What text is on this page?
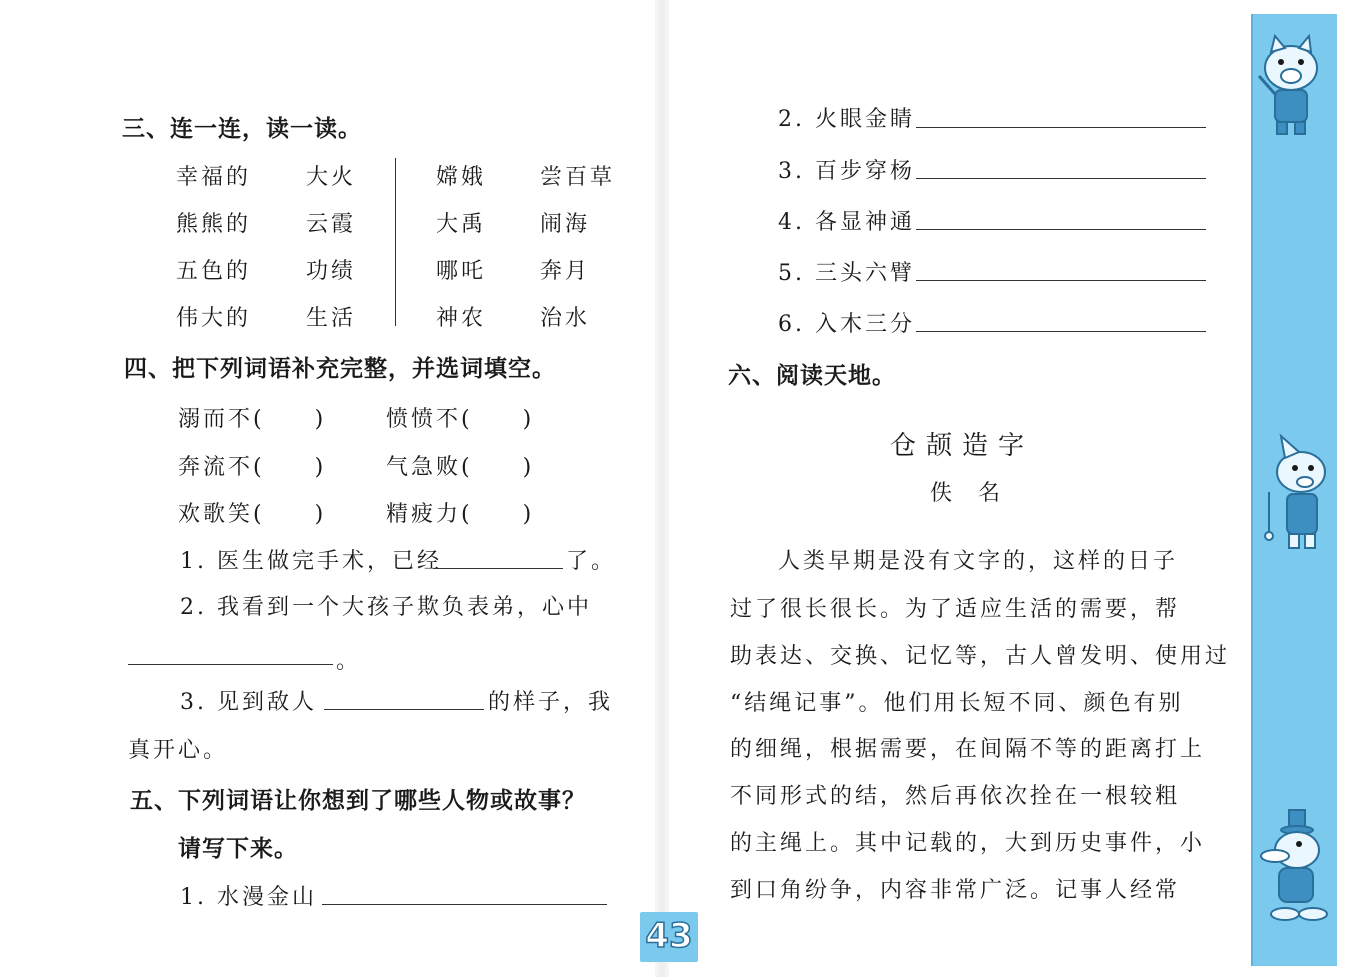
三、连一连，读一读。
幸福的 大火	嫦娥 尝百草
熊熊的 云霞	大禹 闹海
五色的 功绩	哪吒 奔月
伟大的 生活	神农 治水
四、把下列词语补充完整，并选词填空。
溺而不(　　)	愤愤不(　　)
奔流不(　　)	气急败(　　)
欢歌笑(　　)	精疲力(　　)
1. 医生做完手术，已经	了。
2. 我看到一个大孩子欺负表弟，心中
。
3. 见到敌人	的样子，我
真开心。
五、下列词语让你想到了哪些人物或故事？
请写下来。
1. 水漫金山
2. 火眼金睛
3. 百步穿杨
4. 各显神通
5. 三头六臂
6. 入木三分
六、阅读天地。
仓颉造字
佚名
人类早期是没有文字的，这样的日子
过了很长很长。为了适应生活的需要，帮
助表达、交换、记忆等，古人曾发明、使用过
“结绳记事”。他们用长短不同、颜色有别
的细绳，根据需要，在间隔不等的距离打上
不同形式的结，然后再依次拴在一根较粗
的主绳上。其中记载的，大到历史事件，小
到口角纷争，内容非常广泛。记事人经常
43
